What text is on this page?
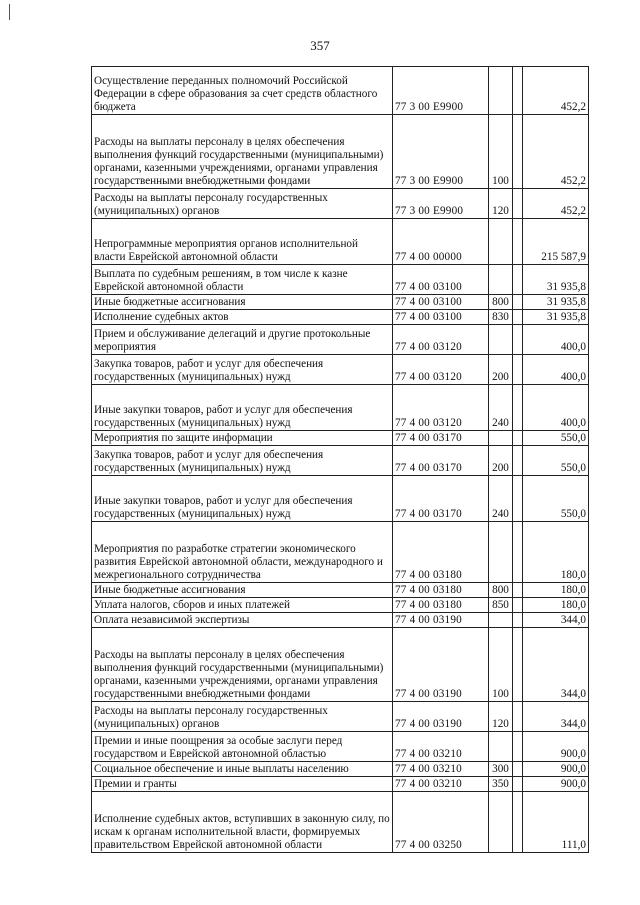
357
Осуществление переданных полномочий Российской Федерации в сфере образования за счет средств областного бюджета	77 3 00 Е9900			452,2
Расходы на выплаты персоналу в целях обеспечения выполнения функций государственными (муниципальными) органами, казенными учреждениями, органами управления государственными внебюджетными фондами	77 3 00 Е9900	100		452,2
Расходы на выплаты персоналу государственных (муниципальных) органов	77 3 00 Е9900	120		452,2
Непрограммные мероприятия органов исполнительной власти Еврейской автономной области	77 4 00 00000			215 587,9
Выплата по судебным решениям, в том числе к казне Еврейской автономной области	77 4 00 03100			31 935,8
Иные бюджетные ассигнования	77 4 00 03100	800		31 935,8
Исполнение судебных актов	77 4 00 03100	830		31 935,8
Прием и обслуживание делегаций и другие протокольные мероприятия	77 4 00 03120			400,0
Закупка товаров, работ и услуг для обеспечения государственных (муниципальных) нужд	77 4 00 03120	200		400,0
Иные закупки товаров, работ и услуг для обеспечения государственных (муниципальных) нужд	77 4 00 03120	240		400,0
Мероприятия по защите информации	77 4 00 03170			550,0
Закупка товаров, работ и услуг для обеспечения государственных (муниципальных) нужд	77 4 00 03170	200		550,0
Иные закупки товаров, работ и услуг для обеспечения государственных (муниципальных) нужд	77 4 00 03170	240		550,0
Мероприятия по разработке стратегии экономического развития Еврейской автономной области, международного и межрегионального сотрудничества	77 4 00 03180			180,0
Иные бюджетные ассигнования	77 4 00 03180	800		180,0
Уплата налогов, сборов и иных платежей	77 4 00 03180	850		180,0
Оплата независимой экспертизы	77 4 00 03190			344,0
Расходы на выплаты персоналу в целях обеспечения выполнения функций государственными (муниципальными) органами, казенными учреждениями, органами управления государственными внебюджетными фондами	77 4 00 03190	100		344,0
Расходы на выплаты персоналу государственных (муниципальных) органов	77 4 00 03190	120		344,0
Премии и иные поощрения за особые заслуги перед государством и Еврейской автономной областью	77 4 00 03210			900,0
Социальное обеспечение и иные выплаты населению	77 4 00 03210	300		900,0
Премии и гранты	77 4 00 03210	350		900,0
Исполнение судебных актов, вступивших в законную силу, по искам к органам исполнительной власти, формируемых правительством Еврейской автономной области	77 4 00 03250			111,0
